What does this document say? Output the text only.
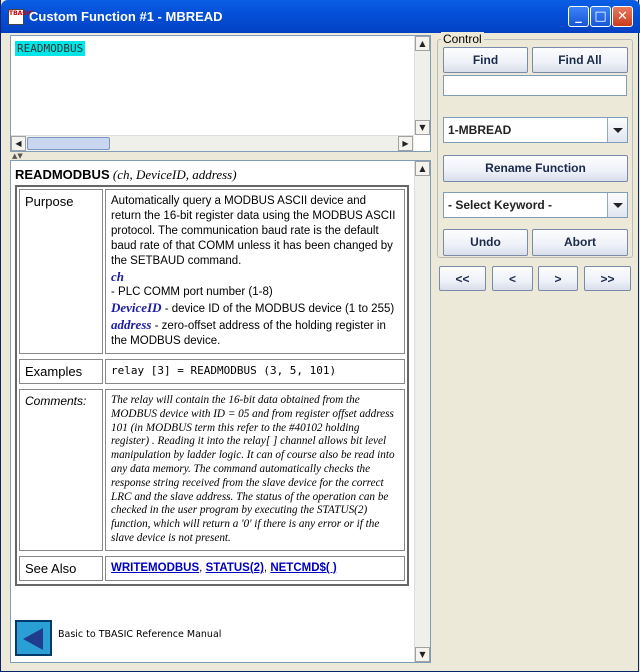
TBASIC
Custom Function #1 - MBREAD	_ □ ✕
READMODBUS	▲
▼
◀	▶
▲▼
READMODBUS (ch, DeviceID, address)
Purpose	Automatically query a MODBUS ASCII device and return the 16-bit register data using the MODBUS ASCII protocol. The communication baud rate is the default baud rate of that COMM unless it has been changed by the SETBAUD command.
ch
- PLC COMM port number (1-8)
DeviceID - device ID of the MODBUS device (1 to 255)
address - zero-offset address of the holding register in the MODBUS device.
Examples	relay [3] = READMODBUS (3, 5, 101)
Comments:	The relay will contain the 16-bit data obtained from the MODBUS device with ID = 05 and from register offset address 101 (in MODBUS term this refer to the #40102 holding register) . Reading it into the relay[ ] channel allows bit level manipulation by ladder logic. It can of course also be read into any data memory. The command automatically checks the response string received from the slave device for the correct LRC and the slave address. The status of the operation can be checked in the user program by executing the STATUS(2) function, which will return a '0' if there is any error or if the slave device is not present.
See Also	WRITEMODBUS, STATUS(2), NETCMD$( )
Basic to TBASIC Reference Manual
▲
▼
Control
Find	Find All
1-MBREAD
Rename Function
- Select Keyword -
Undo	Abort
<<	<	>	>>
